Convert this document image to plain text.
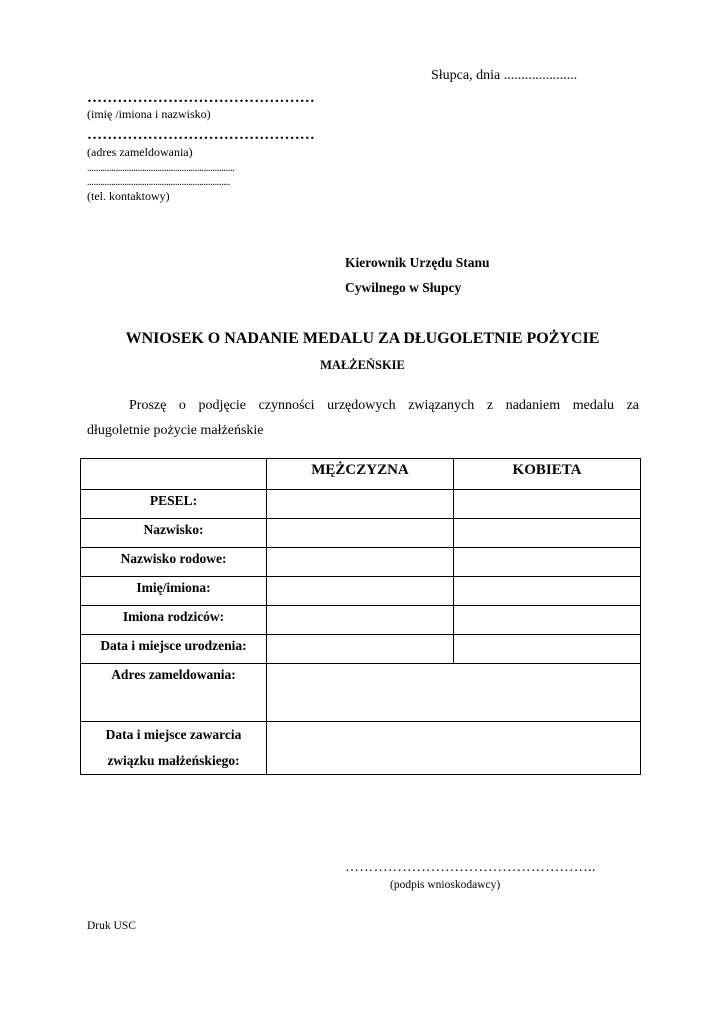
Słupca, dnia .....................
………………………………………
(imię /imiona i nazwisko)
………………………………………
(adres zameldowania)
...................................................................
.................................................................
(tel. kontaktowy)
Kierownik Urzędu Stanu
Cywilnego w Słupcy
WNIOSEK O NADANIE MEDALU ZA DŁUGOLETNIE POŻYCIE
MAŁŻEŃSKIE
Proszę o podjęcie czynności urzędowych związanych z nadaniem medalu za
długoletnie pożycie małżeńskie
	MĘŻCZYZNA	KOBIETA
PESEL:		
Nazwisko:		
Nazwisko rodowe:		
Imię/imiona:		
Imiona rodziców:		
Data i miejsce urodzenia:		
Adres zameldowania:		

Data i miejsce zawarcia
związku małżeńskiego:		

……………………………………………..
(podpis wnioskodawcy)
Druk USC
